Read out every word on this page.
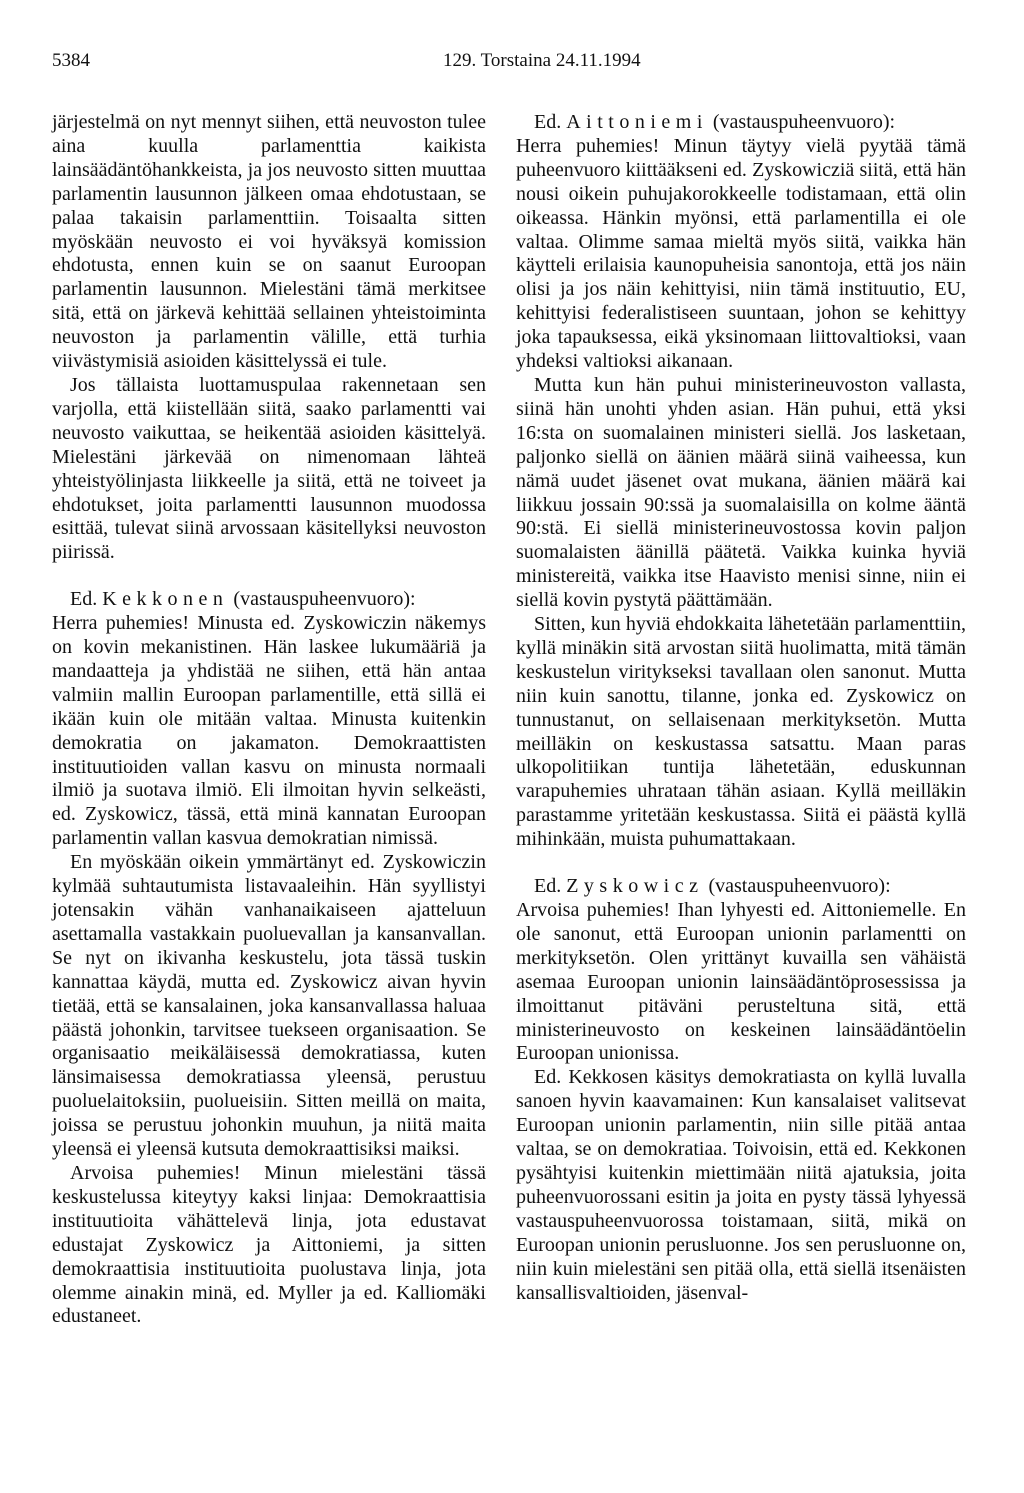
5384	129. Torstaina 24.11.1994

järjestelmä on nyt mennyt siihen, että neuvoston tulee aina kuulla parlamenttia kaikista lainsäädäntöhankkeista, ja jos neuvosto sitten muuttaa parlamentin lausunnon jälkeen omaa ehdotustaan, se palaa takaisin parlamenttiin. Toisaalta sitten myöskään neuvosto ei voi hyväksyä komission ehdotusta, ennen kuin se on saanut Euroopan parlamentin lausunnon. Mielestäni tämä merkitsee sitä, että on järkevä kehittää sellainen yhteistoiminta neuvoston ja parlamentin välille, että turhia viivästymisiä asioiden käsittelyssä ei tule.

Jos tällaista luottamuspulaa rakennetaan sen varjolla, että kiistellään siitä, saako parlamentti vai neuvosto vaikuttaa, se heikentää asioiden käsittelyä. Mielestäni järkevää on nimenomaan lähteä yhteistyölinjasta liikkeelle ja siitä, että ne toiveet ja ehdotukset, joita parlamentti lausunnon muodossa esittää, tulevat siinä arvossaan käsitellyksi neuvoston piirissä.

Ed. Kekkonen (vastauspuheenvuoro):

Herra puhemies! Minusta ed. Zyskowiczin näkemys on kovin mekanistinen. Hän laskee lukumääriä ja mandaatteja ja yhdistää ne siihen, että hän antaa valmiin mallin Euroopan parlamentille, että sillä ei ikään kuin ole mitään valtaa. Minusta kuitenkin demokratia on jakamaton. Demokraattisten instituutioiden vallan kasvu on minusta normaali ilmiö ja suotava ilmiö. Eli ilmoitan hyvin selkeästi, ed. Zyskowicz, tässä, että minä kannatan Euroopan parlamentin vallan kasvua demokratian nimissä.

En myöskään oikein ymmärtänyt ed. Zyskowiczin kylmää suhtautumista listavaaleihin. Hän syyllistyi jotensakin vähän vanhanaikaiseen ajatteluun asettamalla vastakkain puoluevallan ja kansanvallan. Se nyt on ikivanha keskustelu, jota tässä tuskin kannattaa käydä, mutta ed. Zyskowicz aivan hyvin tietää, että se kansalainen, joka kansanvallassa haluaa päästä johonkin, tarvitsee tuekseen organisaation. Se organisaatio meikäläisessä demokratiassa, kuten länsimaisessa demokratiassa yleensä, perustuu puoluelaitoksiin, puolueisiin. Sitten meillä on maita, joissa se perustuu johonkin muuhun, ja niitä maita yleensä ei yleensä kutsuta demokraattisiksi maiksi.

Arvoisa puhemies! Minun mielestäni tässä keskustelussa kiteytyy kaksi linjaa: Demokraattisia instituutioita vähättelevä linja, jota edustavat edustajat Zyskowicz ja Aittoniemi, ja sitten demokraattisia instituutioita puolustava linja, jota olemme ainakin minä, ed. Myller ja ed. Kalliomäki edustaneet.

Ed. Aittoniemi (vastauspuheenvuoro):

Herra puhemies! Minun täytyy vielä pyytää tämä puheenvuoro kiittääkseni ed. Zyskowicziä siitä, että hän nousi oikein puhujakorokkeelle todistamaan, että olin oikeassa. Hänkin myönsi, että parlamentilla ei ole valtaa. Olimme samaa mieltä myös siitä, vaikka hän käytteli erilaisia kaunopuheisia sanontoja, että jos näin olisi ja jos näin kehittyisi, niin tämä instituutio, EU, kehittyisi federalistiseen suuntaan, johon se kehittyy joka tapauksessa, eikä yksinomaan liittovaltioksi, vaan yhdeksi valtioksi aikanaan.

Mutta kun hän puhui ministerineuvoston vallasta, siinä hän unohti yhden asian. Hän puhui, että yksi 16:sta on suomalainen ministeri siellä. Jos lasketaan, paljonko siellä on äänien määrä siinä vaiheessa, kun nämä uudet jäsenet ovat mukana, äänien määrä kai liikkuu jossain 90:ssä ja suomalaisilla on kolme ääntä 90:stä. Ei siellä ministerineuvostossa kovin paljon suomalaisten äänillä päätetä. Vaikka kuinka hyviä ministereitä, vaikka itse Haavisto menisi sinne, niin ei siellä kovin pystytä päättämään.

Sitten, kun hyviä ehdokkaita lähetetään parlamenttiin, kyllä minäkin sitä arvostan siitä huolimatta, mitä tämän keskustelun viritykseksi tavallaan olen sanonut. Mutta niin kuin sanottu, tilanne, jonka ed. Zyskowicz on tunnustanut, on sellaisenaan merkityksetön. Mutta meilläkin on keskustassa satsattu. Maan paras ulkopolitiikan tuntija lähetetään, eduskunnan varapuhemies uhrataan tähän asiaan. Kyllä meilläkin parastamme yritetään keskustassa. Siitä ei päästä kyllä mihinkään, muista puhumattakaan.

Ed. Zyskowicz (vastauspuheenvuoro):

Arvoisa puhemies! Ihan lyhyesti ed. Aittoniemelle. En ole sanonut, että Euroopan unionin parlamentti on merkityksetön. Olen yrittänyt kuvailla sen vähäistä asemaa Euroopan unionin lainsäädäntöprosessissa ja ilmoittanut pitäväni perusteltuna sitä, että ministerineuvosto on keskeinen lainsäädäntöelin Euroopan unionissa.

Ed. Kekkosen käsitys demokratiasta on kyllä luvalla sanoen hyvin kaavamainen: Kun kansalaiset valitsevat Euroopan unionin parlamentin, niin sille pitää antaa valtaa, se on demokratiaa. Toivoisin, että ed. Kekkonen pysähtyisi kuitenkin miettimään niitä ajatuksia, joita puheenvuorossani esitin ja joita en pysty tässä lyhyessä vastauspuheenvuorossa toistamaan, siitä, mikä on Euroopan unionin perusluonne. Jos sen perusluonne on, niin kuin mielestäni sen pitää olla, että siellä itsenäisten kansallisvaltioiden, jäsenval-
